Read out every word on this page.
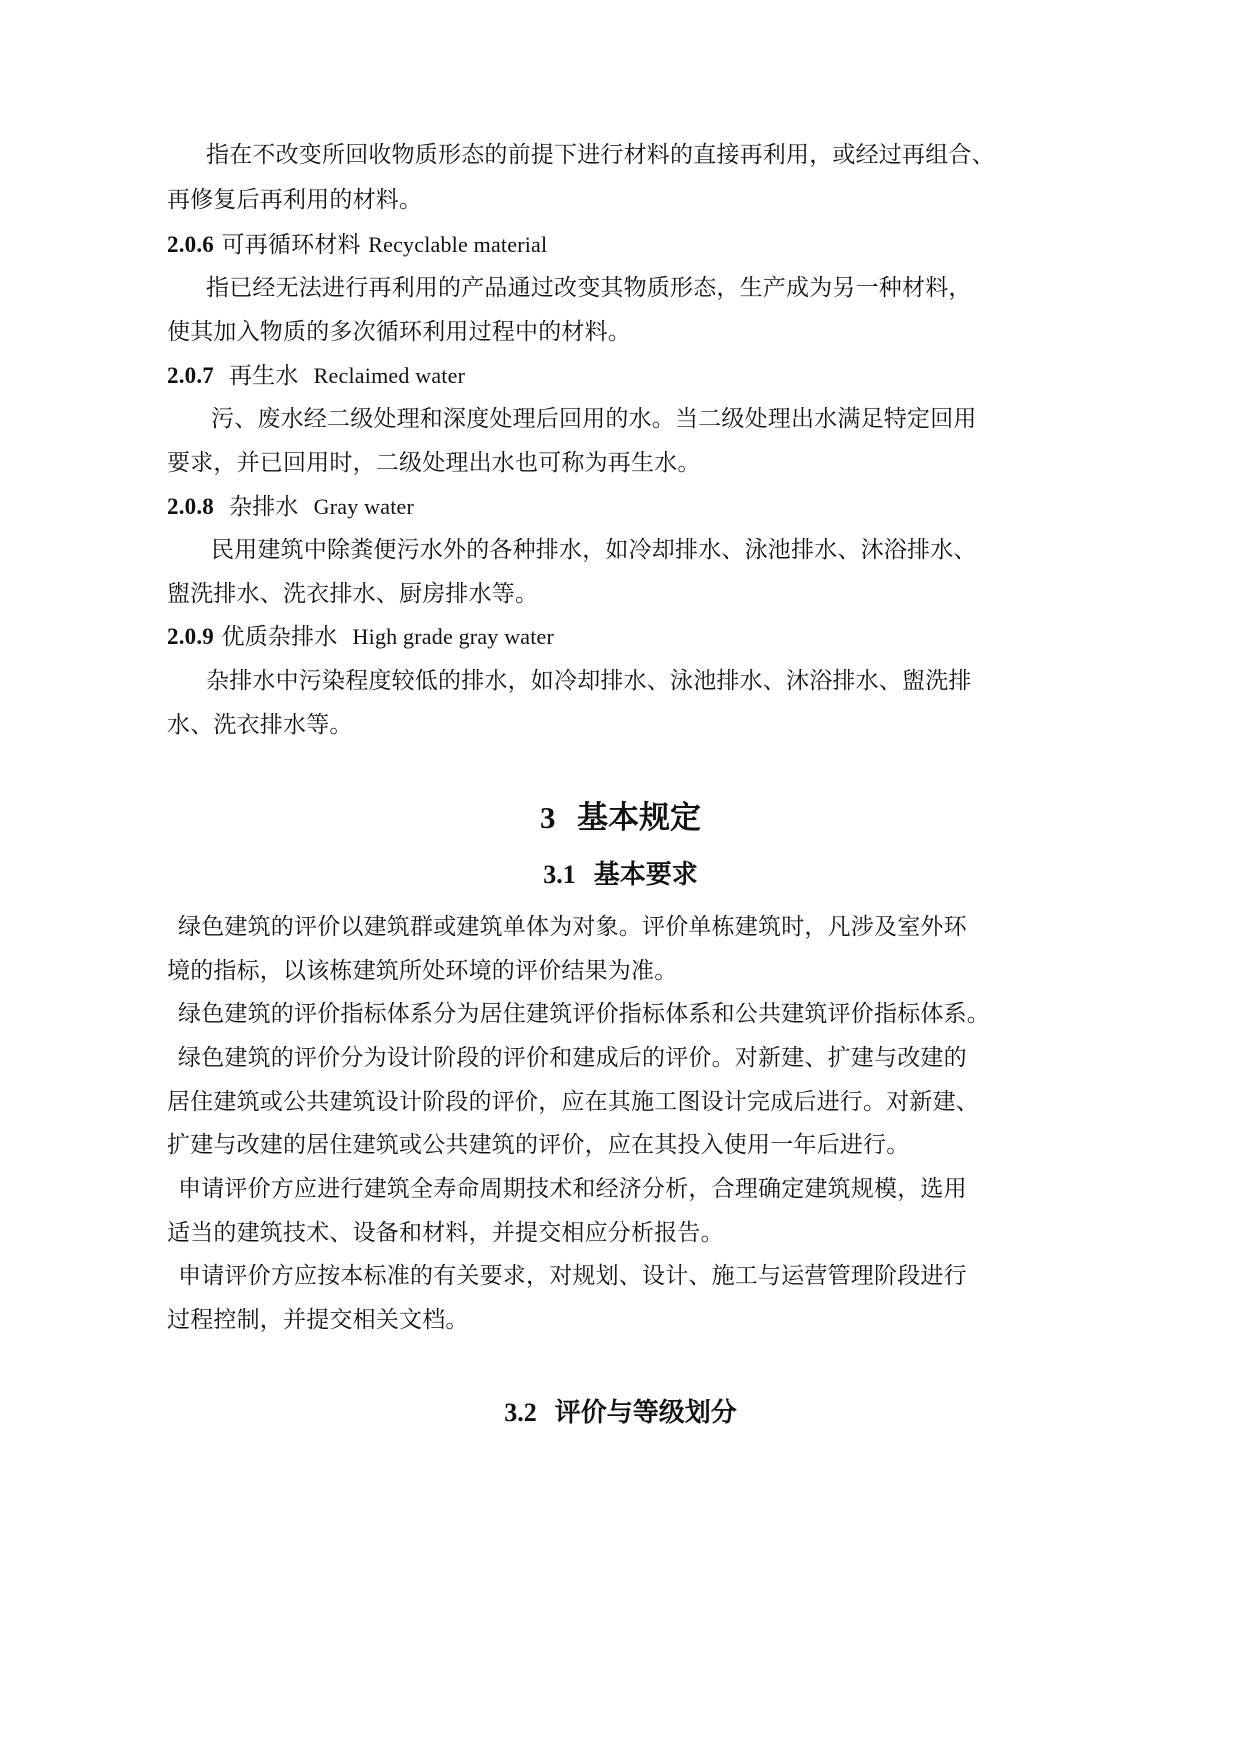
指在不改变所回收物质形态的前提下进行材料的直接再利用，或经过再组合、
再修复后再利用的材料。
2.0.6 可再循环材料 Recyclable material
指已经无法进行再利用的产品通过改变其物质形态，生产成为另一种材料，
使其加入物质的多次循环利用过程中的材料。
2.0.7 再生水 Reclaimed water
污、废水经二级处理和深度处理后回用的水。当二级处理出水满足特定回用
要求，并已回用时，二级处理出水也可称为再生水。
2.0.8 杂排水 Gray water
民用建筑中除粪便污水外的各种排水，如冷却排水、泳池排水、沐浴排水、
盥洗排水、洗衣排水、厨房排水等。
2.0.9 优质杂排水 High grade gray water
杂排水中污染程度较低的排水，如冷却排水、泳池排水、沐浴排水、盥洗排
水、洗衣排水等。
3 基本规定
3.1 基本要求
绿色建筑的评价以建筑群或建筑单体为对象。评价单栋建筑时，凡涉及室外环
境的指标，以该栋建筑所处环境的评价结果为准。
绿色建筑的评价指标体系分为居住建筑评价指标体系和公共建筑评价指标体系。
绿色建筑的评价分为设计阶段的评价和建成后的评价。对新建、扩建与改建的
居住建筑或公共建筑设计阶段的评价，应在其施工图设计完成后进行。对新建、
扩建与改建的居住建筑或公共建筑的评价，应在其投入使用一年后进行。
申请评价方应进行建筑全寿命周期技术和经济分析，合理确定建筑规模，选用
适当的建筑技术、设备和材料，并提交相应分析报告。
申请评价方应按本标准的有关要求，对规划、设计、施工与运营管理阶段进行
过程控制，并提交相关文档。
3.2 评价与等级划分
